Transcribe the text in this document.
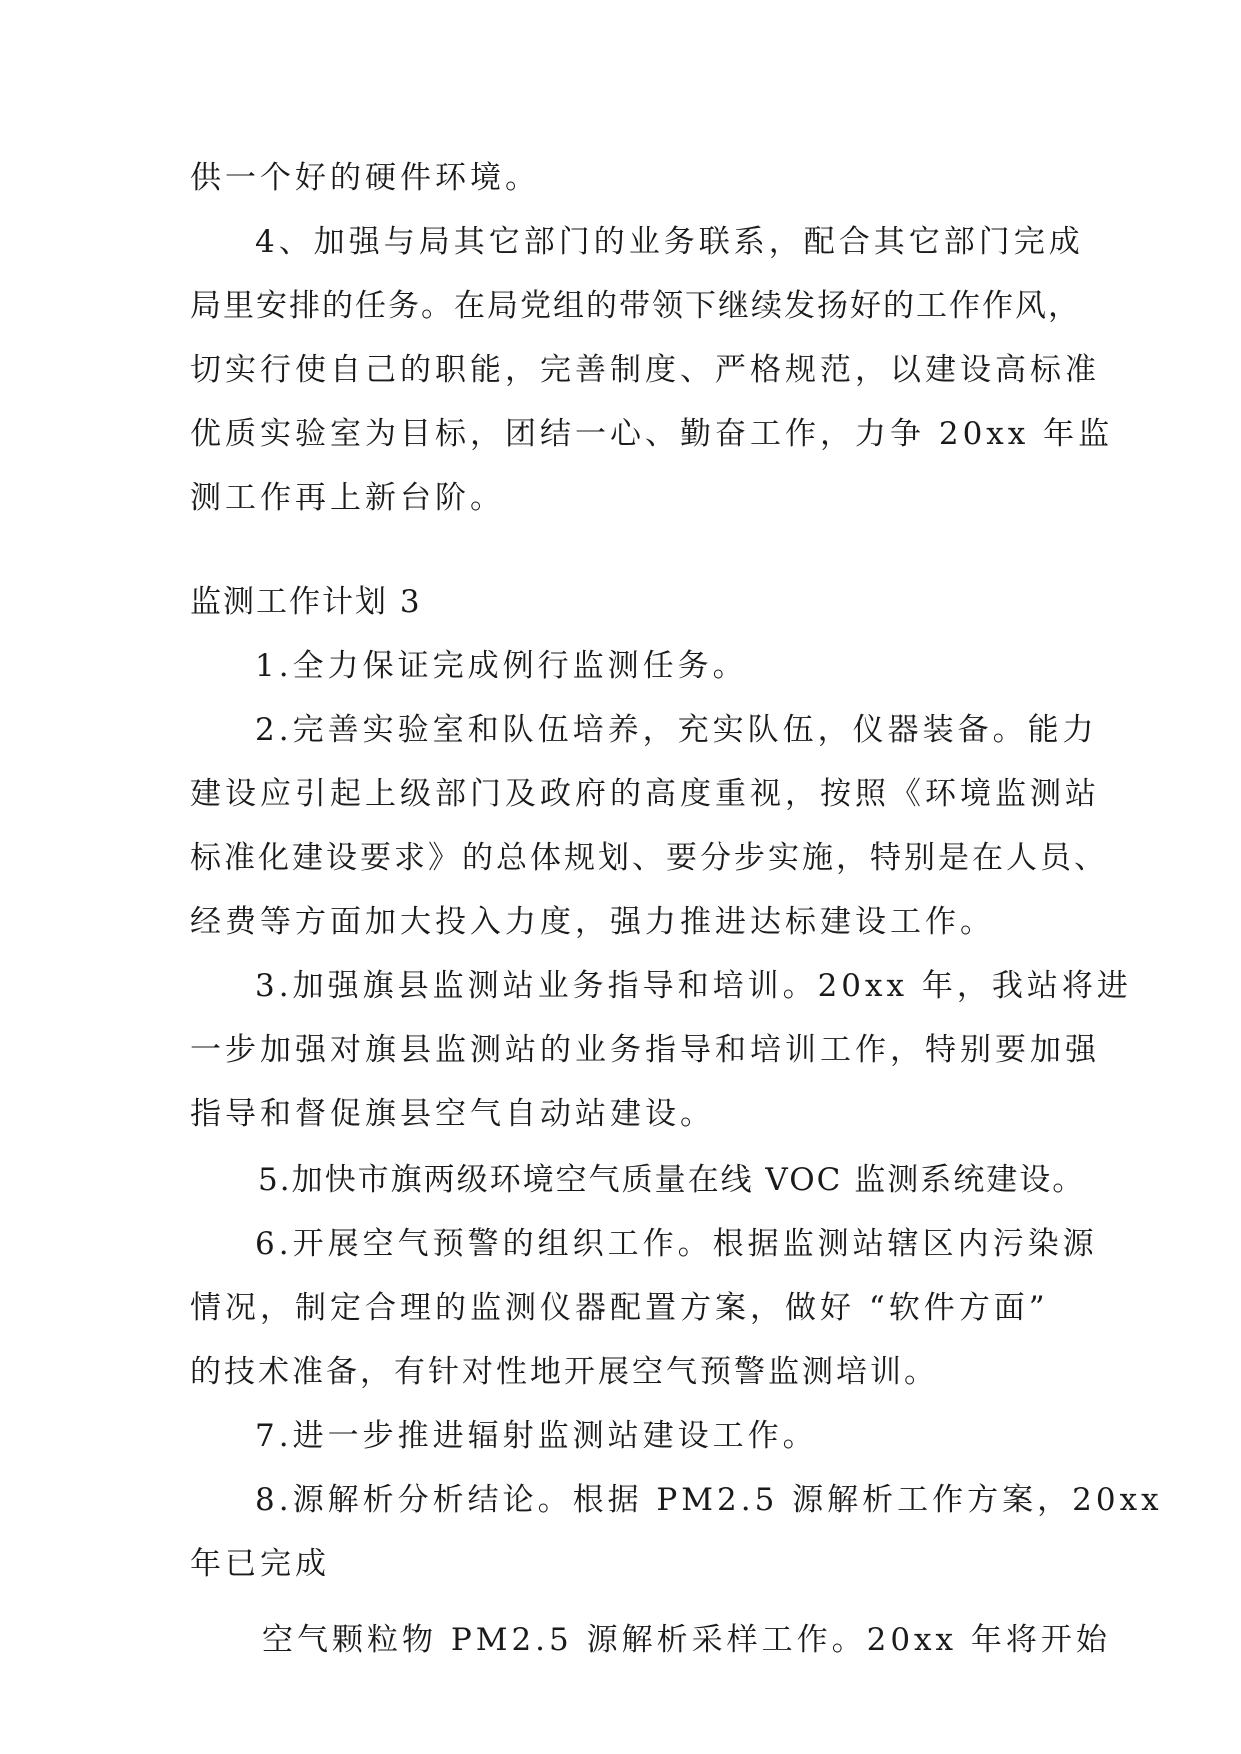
供一个好的硬件环境。
4、加强与局其它部门的业务联系，配合其它部门完成
局里安排的任务。在局党组的带领下继续发扬好的工作作风，
切实行使自己的职能，完善制度、严格规范，以建设高标准
优质实验室为目标，团结一心、勤奋工作，力争 20xx 年监
测工作再上新台阶。
监测工作计划 3
1.全力保证完成例行监测任务。
2.完善实验室和队伍培养，充实队伍，仪器装备。能力
建设应引起上级部门及政府的高度重视，按照《环境监测站
标准化建设要求》的总体规划、要分步实施，特别是在人员、
经费等方面加大投入力度，强力推进达标建设工作。
3.加强旗县监测站业务指导和培训。20xx 年，我站将进
一步加强对旗县监测站的业务指导和培训工作，特别要加强
指导和督促旗县空气自动站建设。
5.加快市旗两级环境空气质量在线 VOC 监测系统建设。
6.开展空气预警的组织工作。根据监测站辖区内污染源
情况，制定合理的监测仪器配置方案，做好 “软件方面”
的技术准备，有针对性地开展空气预警监测培训。
7.进一步推进辐射监测站建设工作。
8.源解析分析结论。根据 PM2.5 源解析工作方案，20xx
年已完成
空气颗粒物 PM2.5 源解析采样工作。20xx 年将开始
